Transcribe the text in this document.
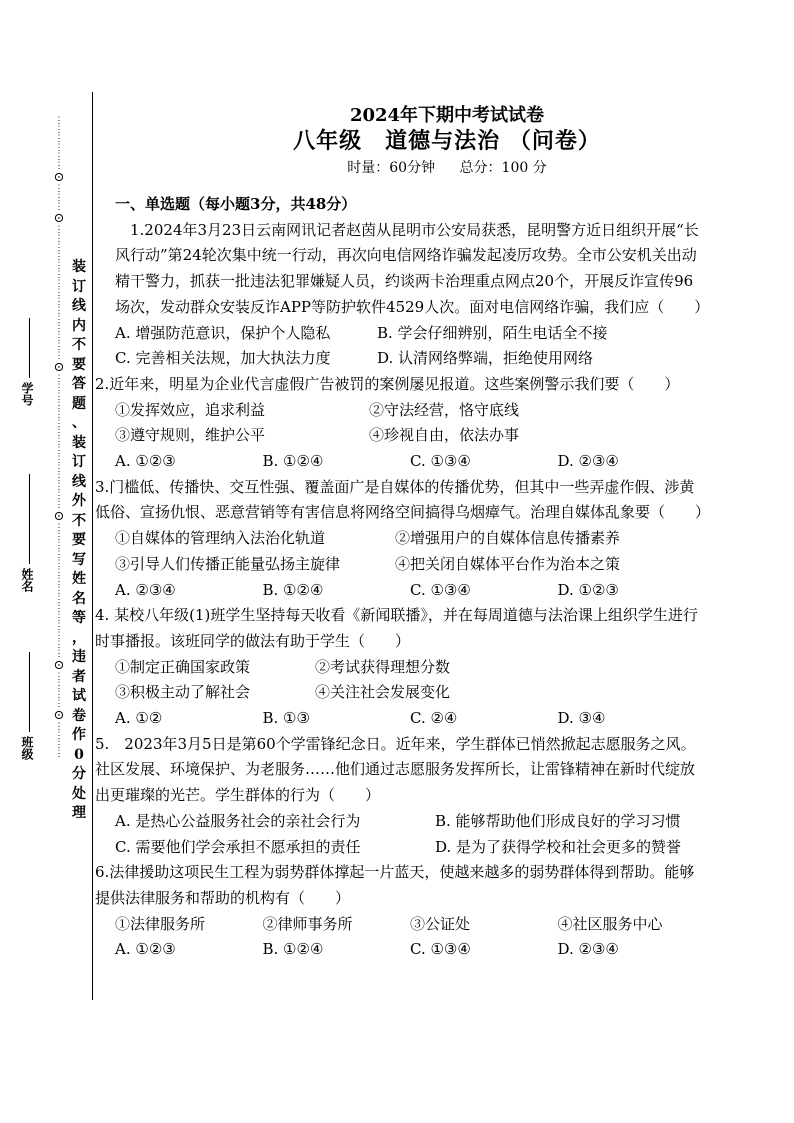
⋮
⋮
⋮
⋮
⋮
⋮
⊙
⋮
⋮
⋮
⊙
⋮
⋮
⋮
⋮
⋮
⋮
⋮
⋮
⋮
⋮
⋮
⋮
⋮
⋮
⋮
⊙
⋮
⋮
⋮
⋮
⋮
⋮
⋮
⋮
⋮
⋮
⋮
⋮
⋮
⋮
⋮
⊙
⋮
⋮
⋮
⋮
⋮
⋮
⋮
⋮
⋮
⋮
⋮
⋮
⋮
⋮
⋮
⊙
⋮
⋮
⋮
⋮
⊙
⋮
⋮
⋮
⋮
装
订
线
内
不
要
答
题
、
装
订
线
外
不
要
写
姓
名
等
，
违
者
试
卷
作
0
分
处
理
学号
姓名
班级
2024年下期中考试试卷
八年级　道德与法治 （问卷）
时量：60分钟 总分：100 分

一、单选题（每小题3分，共48分）

1.2024年3月23日云南网讯记者赵茵从昆明市公安局获悉，昆明警方近日组织开展“长风行动”第24轮次集中统一行动，再次向电信网络诈骗发起凌厉攻势。全市公安机关出动精干警力，抓获一批违法犯罪嫌疑人员，约谈两卡治理重点网点20个，开展反诈宣传96场次，发动群众安装反诈APP等防护软件4529人次。面对电信网络诈骗，我们应（　　）

A. 增强防范意识，保护个人隐私	B. 学会仔细辨别，陌生电话全不接
C. 完善相关法规，加大执法力度	D. 认清网络弊端，拒绝使用网络

2.近年来，明星为企业代言虚假广告被罚的案例屡见报道。这些案例警示我们要（　　）

①发挥效应，追求利益	②守法经营，恪守底线
③遵守规则，维护公平	④珍视自由，依法办事
A. ①②③	B. ①②④	C. ①③④	D. ②③④

3.门槛低、传播快、交互性强、覆盖面广是自媒体的传播优势，但其中一些弄虚作假、涉黄低俗、宣扬仇恨、恶意营销等有害信息将网络空间搞得乌烟瘴气。治理自媒体乱象要（　　）

①自媒体的管理纳入法治化轨道	②增强用户的自媒体信息传播素养
③引导人们传播正能量弘扬主旋律	④把关闭自媒体平台作为治本之策
A. ②③④	B. ①②④	C. ①③④	D. ①②③

4. 某校八年级(1)班学生坚持每天收看《新闻联播》，并在每周道德与法治课上组织学生进行时事播报。该班同学的做法有助于学生（　　）

①制定正确国家政策	②考试获得理想分数
③积极主动了解社会	④关注社会发展变化
A. ①②	B. ①③	C. ②④	D. ③④

5.　2023年3月5日是第60个学雷锋纪念日。近年来，学生群体已悄然掀起志愿服务之风。社区发展、环境保护、为老服务……他们通过志愿服务发挥所长，让雷锋精神在新时代绽放出更璀璨的光芒。学生群体的行为（　　）

A. 是热心公益服务社会的亲社会行为	B. 能够帮助他们形成良好的学习习惯
C. 需要他们学会承担不愿承担的责任	D. 是为了获得学校和社会更多的赞誉

6.法律援助这项民生工程为弱势群体撑起一片蓝天，使越来越多的弱势群体得到帮助。能够提供法律服务和帮助的机构有（　　）

①法律服务所	②律师事务所	③公证处	④社区服务中心
A. ①②③	B. ①②④	C. ①③④	D. ②③④
